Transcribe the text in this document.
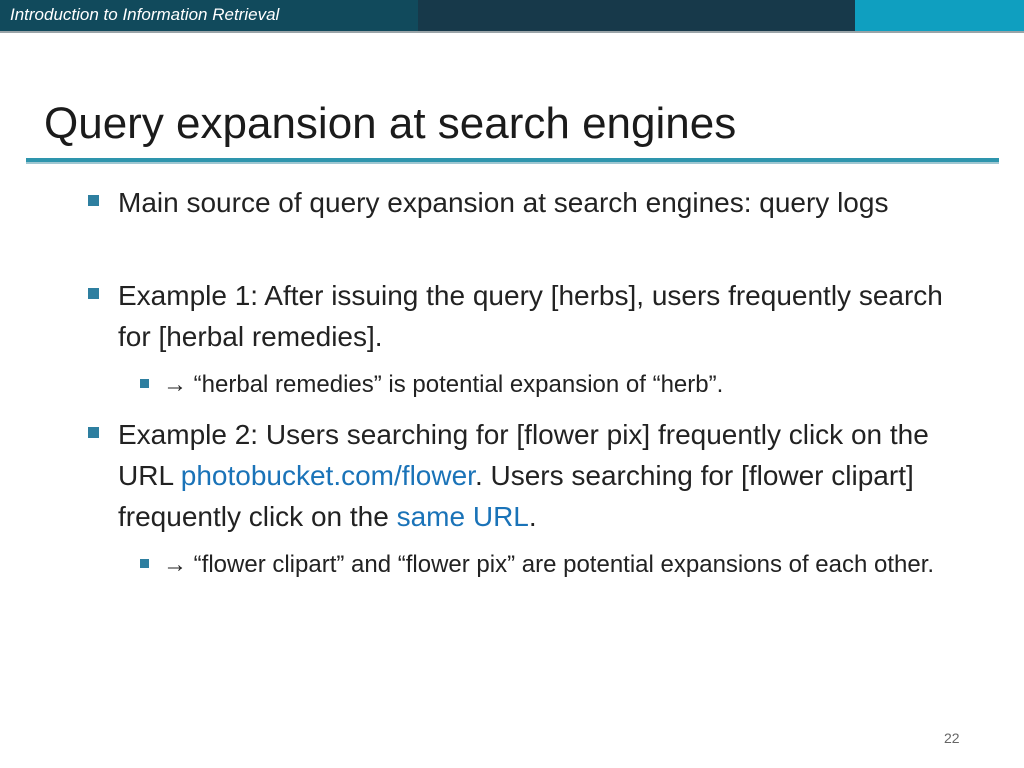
Introduction to Information Retrieval
Query expansion at search engines
Main source of query expansion at search engines: query logs
Example 1: After issuing the query [herbs], users frequently search for [herbal remedies].
→ “herbal remedies” is potential expansion of “herb”.
Example 2: Users searching for [flower pix] frequently click on the URL photobucket.com/flower. Users searching for [flower clipart] frequently click on the same URL.
→ “flower clipart” and “flower pix” are potential expansions of each other.
22
